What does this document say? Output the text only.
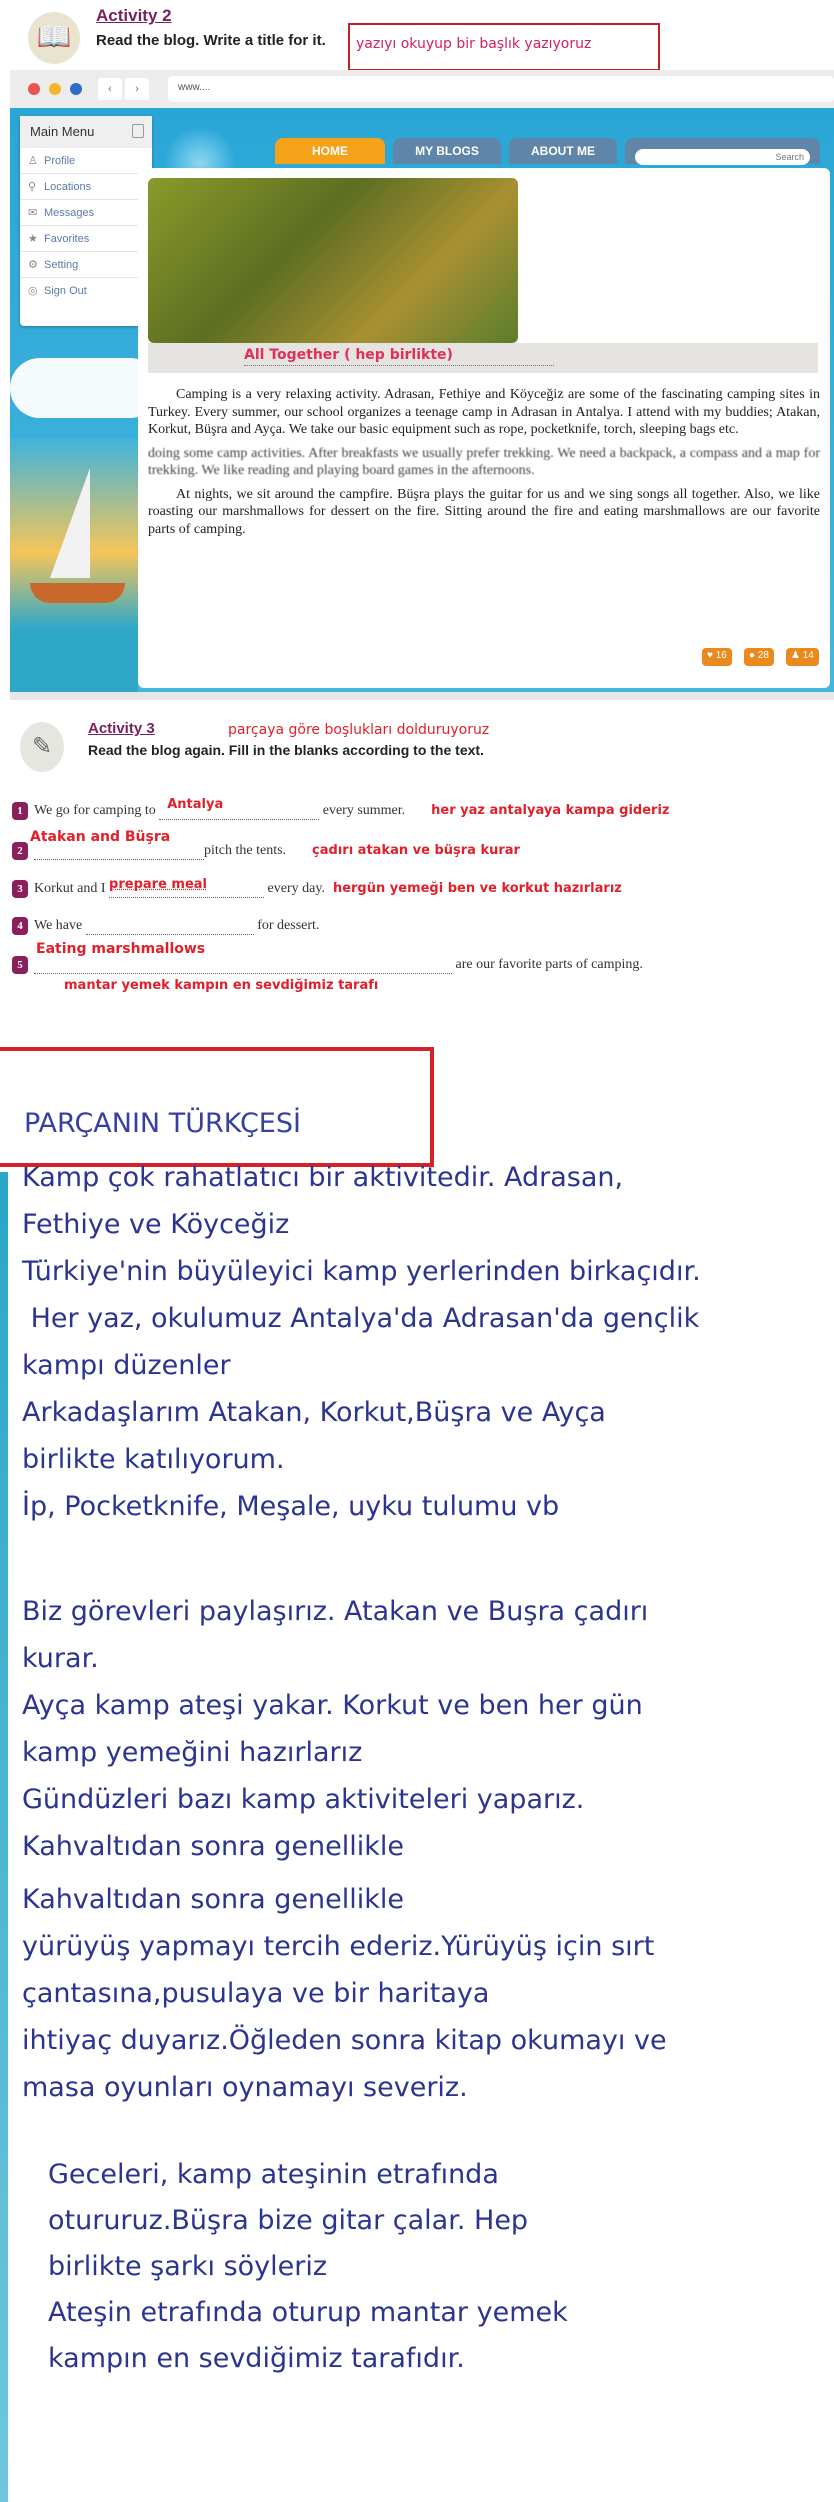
📖
Activity 2
Read the blog. Write a title for it. yazıyı okuyup bir başlık yazıyoruz
‹	›	www....
Main Menu
♙ Profile
⚲ Locations
✉ Messages
★ Favorites
⚙ Setting
◎ Sign Out
HOME	MY BLOGS	ABOUT ME
Search
All Together ( hep birlikte)

Camping is a very relaxing activity. Adrasan, Fethiye and Köyceğiz are some of the fascinating camping sites in Turkey. Every summer, our school organizes a teenage camp in Adrasan in Antalya. I attend with my buddies; Atakan, Korkut, Büşra and Ayça. We take our basic equipment such as rope, pocketknife, torch, sleeping bags etc.

doing some camp activities. After breakfasts we usually prefer trekking. We need a backpack, a compass and a map for trekking. We like reading and playing board games in the afternoons.

At nights, we sit around the campfire. Büşra plays the guitar for us and we sing songs all together. Also, we like roasting our marshmallows for dessert on the fire. Sitting around the fire and eating marshmallows are our favorite parts of camping.

♥ 16	● 28	♟ 14
✎
Activity 3	parçaya göre boşlukları dolduruyoruz
Read the blog again. Fill in the blanks according to the text.
1 We go for camping to Antalya	every summer. her yaz antalyaya kampa gideriz
2
Atakan and Büşra
pitch the tents. çadırı atakan ve büşra kurar
3 Korkut and I prepare meal	every day. hergün yemeği ben ve korkut hazırlarız
4 We have	for dessert.
5
Eating marshmallows
are our favorite parts of camping.
mantar yemek kampın en sevdiğimiz tarafı
PARÇANIN TÜRKÇESİ
Kamp çok rahatlatıcı bir aktivitedir. Adrasan,
Fethiye ve Köyceğiz
Türkiye'nin büyüleyici kamp yerlerinden birkaçıdır.
Her yaz, okulumuz Antalya'da Adrasan'da gençlik
kampı düzenler
Arkadaşlarım Atakan, Korkut,Büşra ve Ayça
birlikte katılıyorum.
İp, Pocketknife, Meşale, uyku tulumu vb
Biz görevleri paylaşırız. Atakan ve Buşra çadırı
kurar.
Ayça kamp ateşi yakar. Korkut ve ben her gün
kamp yemeğini hazırlarız
Gündüzleri bazı kamp aktiviteleri yaparız.
Kahvaltıdan sonra genellikle
Kahvaltıdan sonra genellikle
yürüyüş yapmayı tercih ederiz.Yürüyüş için sırt
çantasına,pusulaya ve bir haritaya
ihtiyaç duyarız.Öğleden sonra kitap okumayı ve
masa oyunları oynamayı severiz.
Geceleri, kamp ateşinin etrafında
otururuz.Büşra bize gitar çalar. Hep
birlikte şarkı söyleriz
Ateşin etrafında oturup mantar yemek
kampın en sevdiğimiz tarafıdır.
